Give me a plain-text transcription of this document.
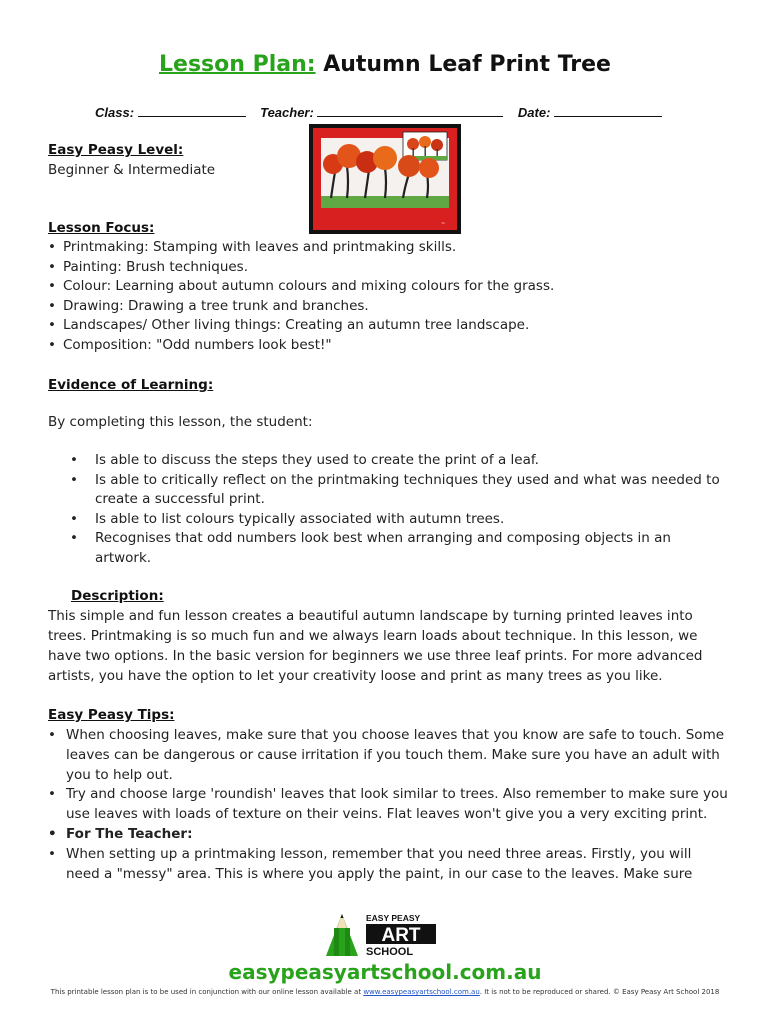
Lesson Plan: Autumn Leaf Print Tree
Class:	Teacher:	Date:
Easy Peasy Level:
Beginner & Intermediate
~
Lesson Focus:
• Printmaking: Stamping with leaves and printmaking skills.
• Painting: Brush techniques.
• Colour: Learning about autumn colours and mixing colours for the grass.
• Drawing: Drawing a tree trunk and branches.
• Landscapes/ Other living things: Creating an autumn tree landscape.
• Composition: "Odd numbers look best!"
Evidence of Learning:
By completing this lesson, the student:
• Is able to discuss the steps they used to create the print of a leaf.
• Is able to critically reflect on the printmaking techniques they used and what was needed to create a successful print.
• Is able to list colours typically associated with autumn trees.
• Recognises that odd numbers look best when arranging and composing objects in an artwork.
Description:
This simple and fun lesson creates a beautiful autumn landscape by turning printed leaves into trees. Printmaking is so much fun and we always learn loads about technique. In this lesson, we have two options. In the basic version for beginners we use three leaf prints. For more advanced artists, you have the option to let your creativity loose and print as many trees as you like.
Easy Peasy Tips:
• When choosing leaves, make sure that you choose leaves that you know are safe to touch. Some leaves can be dangerous or cause irritation if you touch them. Make sure you have an adult with you to help out.
• Try and choose large 'roundish' leaves that look similar to trees. Also remember to make sure you use leaves with loads of texture on their veins. Flat leaves won't give you a very exciting print.
• For The Teacher:
• When setting up a printmaking lesson, remember that you need three areas. Firstly, you will need a "messy" area. This is where you apply the paint, in our case to the leaves. Make sure
EASY PEASY
ART
SCHOOL
easypeasyartschool.com.au
This printable lesson plan is to be used in conjunction with our online lesson available at www.easypeasyartschool.com.au. It is not to be reproduced or shared. © Easy Peasy Art School 2018
